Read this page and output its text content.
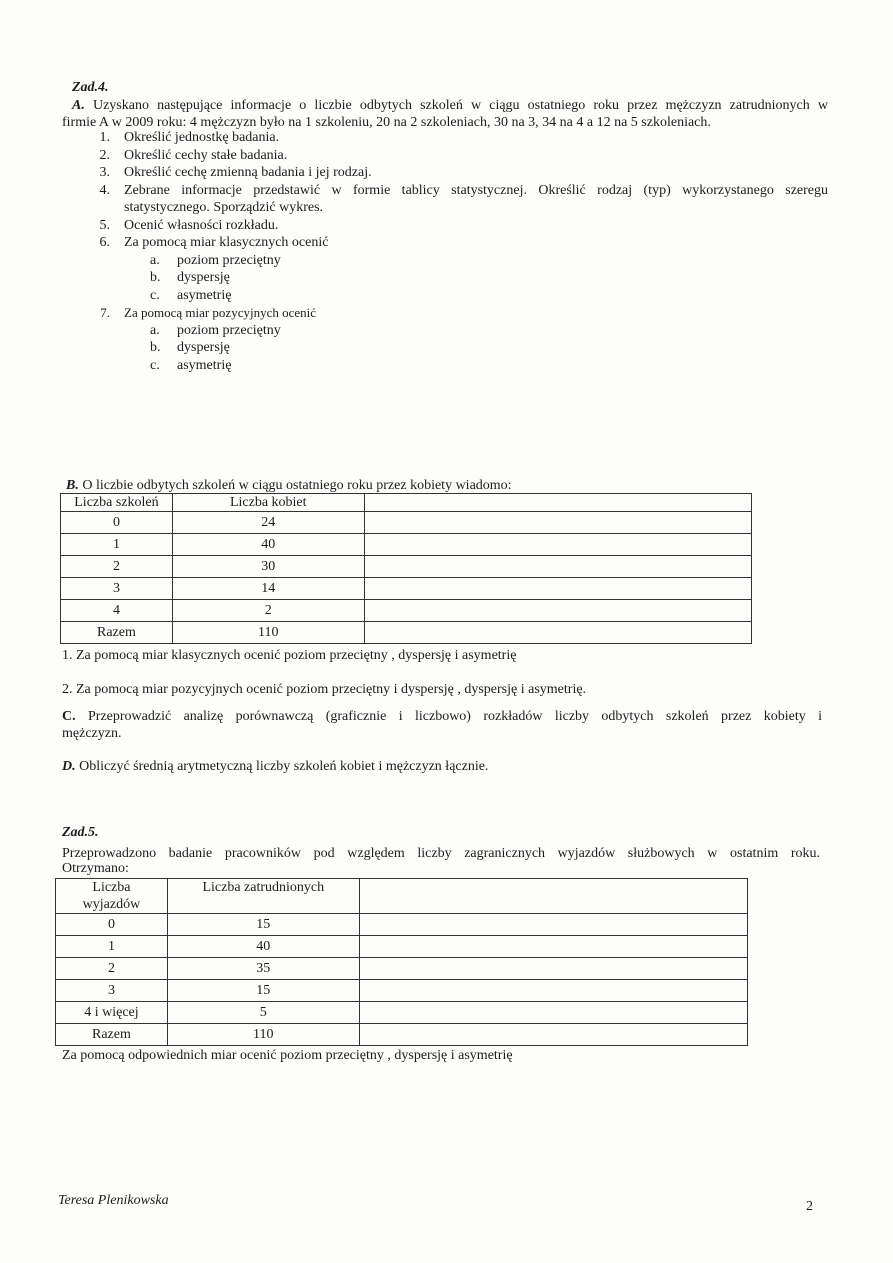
Zad.4.
A. Uzyskano następujące informacje o liczbie odbytych szkoleń w ciągu ostatniego roku przez mężczyzn zatrudnionych w
firmie A w 2009 roku: 4 mężczyzn było na 1 szkoleniu, 20 na 2 szkoleniach, 30 na 3, 34 na 4 a 12 na 5 szkoleniach.
1. Określić jednostkę badania.
2. Określić cechy stałe badania.
3. Określić cechę zmienną badania i jej rodzaj.
4. Zebrane informacje przedstawić w formie tablicy statystycznej. Określić rodzaj (typ) wykorzystanego szeregu
statystycznego. Sporządzić wykres.
5. Ocenić własności rozkładu.
6. Za pomocą miar klasycznych ocenić
a. poziom przeciętny
b. dyspersję
c. asymetrię
7. Za pomocą miar pozycyjnych ocenić
a. poziom przeciętny
b. dyspersję
c. asymetrię
B. O liczbie odbytych szkoleń w ciągu ostatniego roku przez kobiety wiadomo:
Liczba szkoleń	Liczba kobiet	
0	24	
1	40	
2	30	
3	14	
4	2	
Razem	110	
1. Za pomocą miar klasycznych ocenić poziom przeciętny , dyspersję i asymetrię
2. Za pomocą miar pozycyjnych ocenić poziom przeciętny i dyspersję , dyspersję i asymetrię.
C. Przeprowadzić analizę porównawczą (graficznie i liczbowo) rozkładów liczby odbytych szkoleń przez kobiety i
mężczyzn.
D. Obliczyć średnią arytmetyczną liczby szkoleń kobiet i mężczyzn łącznie.
Zad.5.
Przeprowadzono badanie pracowników pod względem liczby zagranicznych wyjazdów służbowych w ostatnim roku.
Otrzymano:
Liczba
wyjazdów	Liczba zatrudnionych	
0	15	
1	40	
2	35	
3	15	
4 i więcej	5	
Razem	110	
Za pomocą odpowiednich miar ocenić poziom przeciętny , dyspersję i asymetrię
Teresa Plenikowska	2
